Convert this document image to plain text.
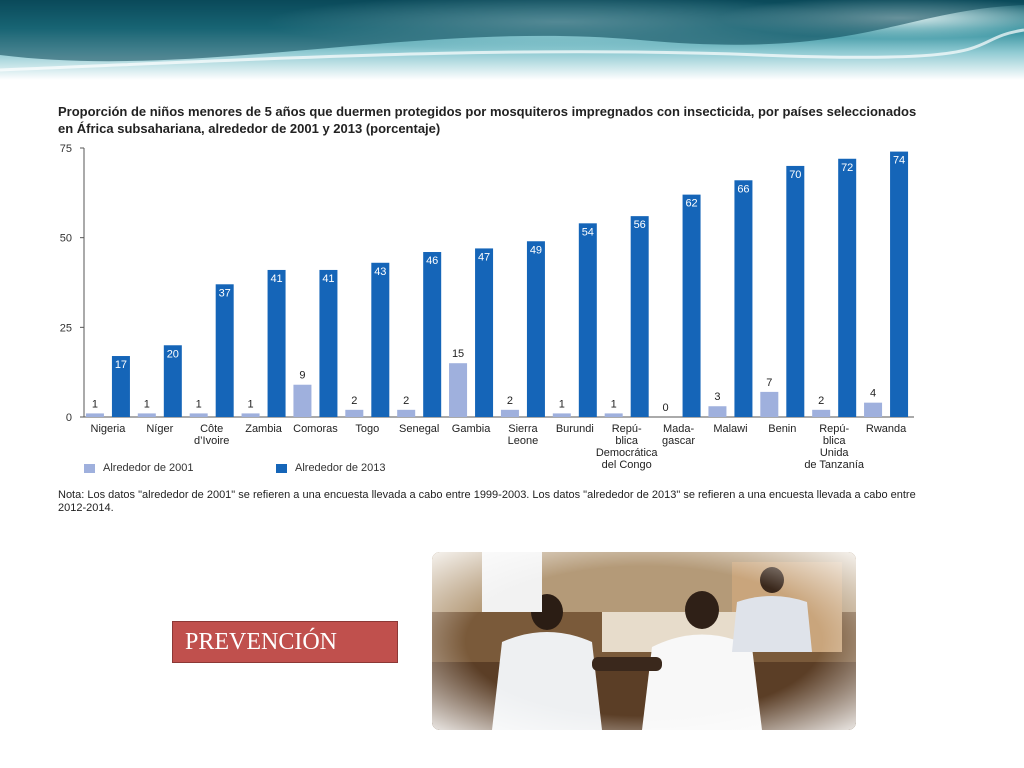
Proporción de niños menores de 5 años que duermen protegidos por mosquiteros impregnados con insecticida, por países seleccionados en África subsahariana, alrededor de 2001 y 2013 (porcentaje)

0
25
50
75
1
17
Nigeria
1
20
Níger
1
37
Côte
d’Ivoire
1
41
Zambia
9
41
Comoras
2
43
Togo
2
46
Senegal
15
47
Gambia
2
49
Sierra
Leone
1
54
Burundi
1
56
Repú-
blica
Democrática
del Congo
0
62
Mada-
gascar
3
66
Malawi
7
70
Benin
2
72
Repú-
blica
Unida
de Tanzanía
4
74
Rwanda
Alrededor de 2001	Alrededor de 2013

Nota: Los datos "alrededor de 2001" se refieren a una encuesta llevada a cabo entre 1999-2003. Los datos "alrededor de 2013" se refieren a una encuesta llevada a cabo entre 2012-2014.

PREVENCIÓN
